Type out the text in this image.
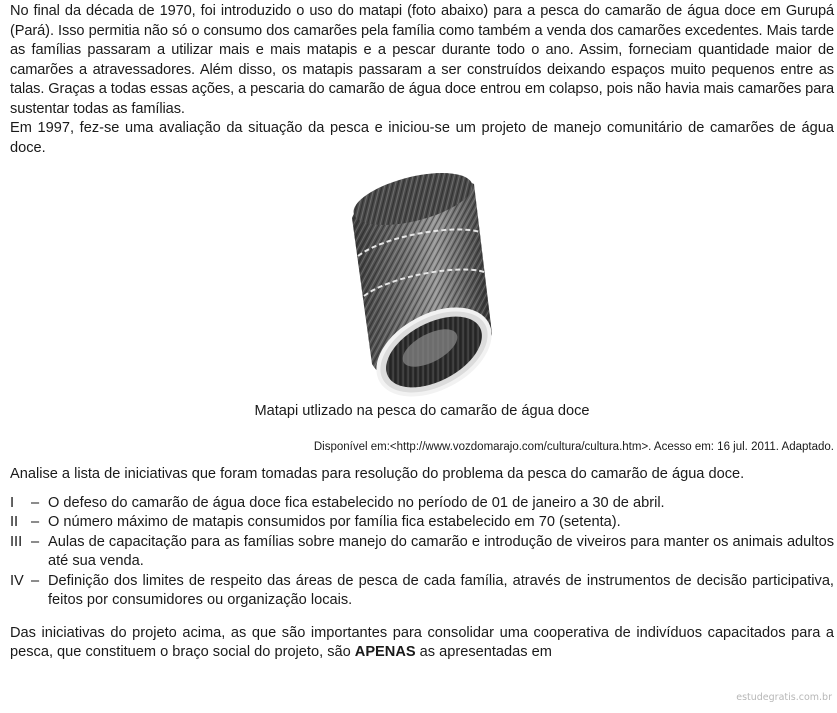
No final da década de 1970, foi introduzido o uso do matapi (foto abaixo) para a pesca do camarão de água doce em Gurupá (Pará). Isso permitia não só o consumo dos camarões pela família como também a venda dos camarões excedentes. Mais tarde as famílias passaram a utilizar mais e mais matapis e a pescar durante todo o ano. Assim, forneciam quantidade maior de camarões a atravessadores. Além disso, os matapis passaram a ser construídos deixando espaços muito pequenos entre as talas. Graças a todas essas ações, a pescaria do camarão de água doce entrou em colapso, pois não havia mais camarões para sustentar todas as famílias.

Em 1997, fez-se uma avaliação da situação da pesca e iniciou-se um projeto de manejo comunitário de camarões de água doce.

Matapi utlizado na pesca do camarão de água doce
Disponível em:<http://www.vozdomarajo.com/cultura/cultura.htm>. Acesso em: 16 jul. 2011. Adaptado.

Analise a lista de iniciativas que foram tomadas para resolução do problema da pesca do camarão de água doce.

I	– O defeso do camarão de água doce fica estabelecido no período de 01 de janeiro a 30 de abril.
II – O número máximo de matapis consumidos por família fica estabelecido em 70 (setenta).
III – Aulas de capacitação para as famílias sobre manejo do camarão e introdução de viveiros para manter os animais adultos até sua venda.
IV – Definição dos limites de respeito das áreas de pesca de cada família, através de instrumentos de decisão participativa, feitos por consumidores ou organização locais.

Das iniciativas do projeto acima, as que são importantes para consolidar uma cooperativa de indivíduos capacitados para a pesca, que constituem o braço social do projeto, são APENAS as apresentadas em

estudegratis.com.br
